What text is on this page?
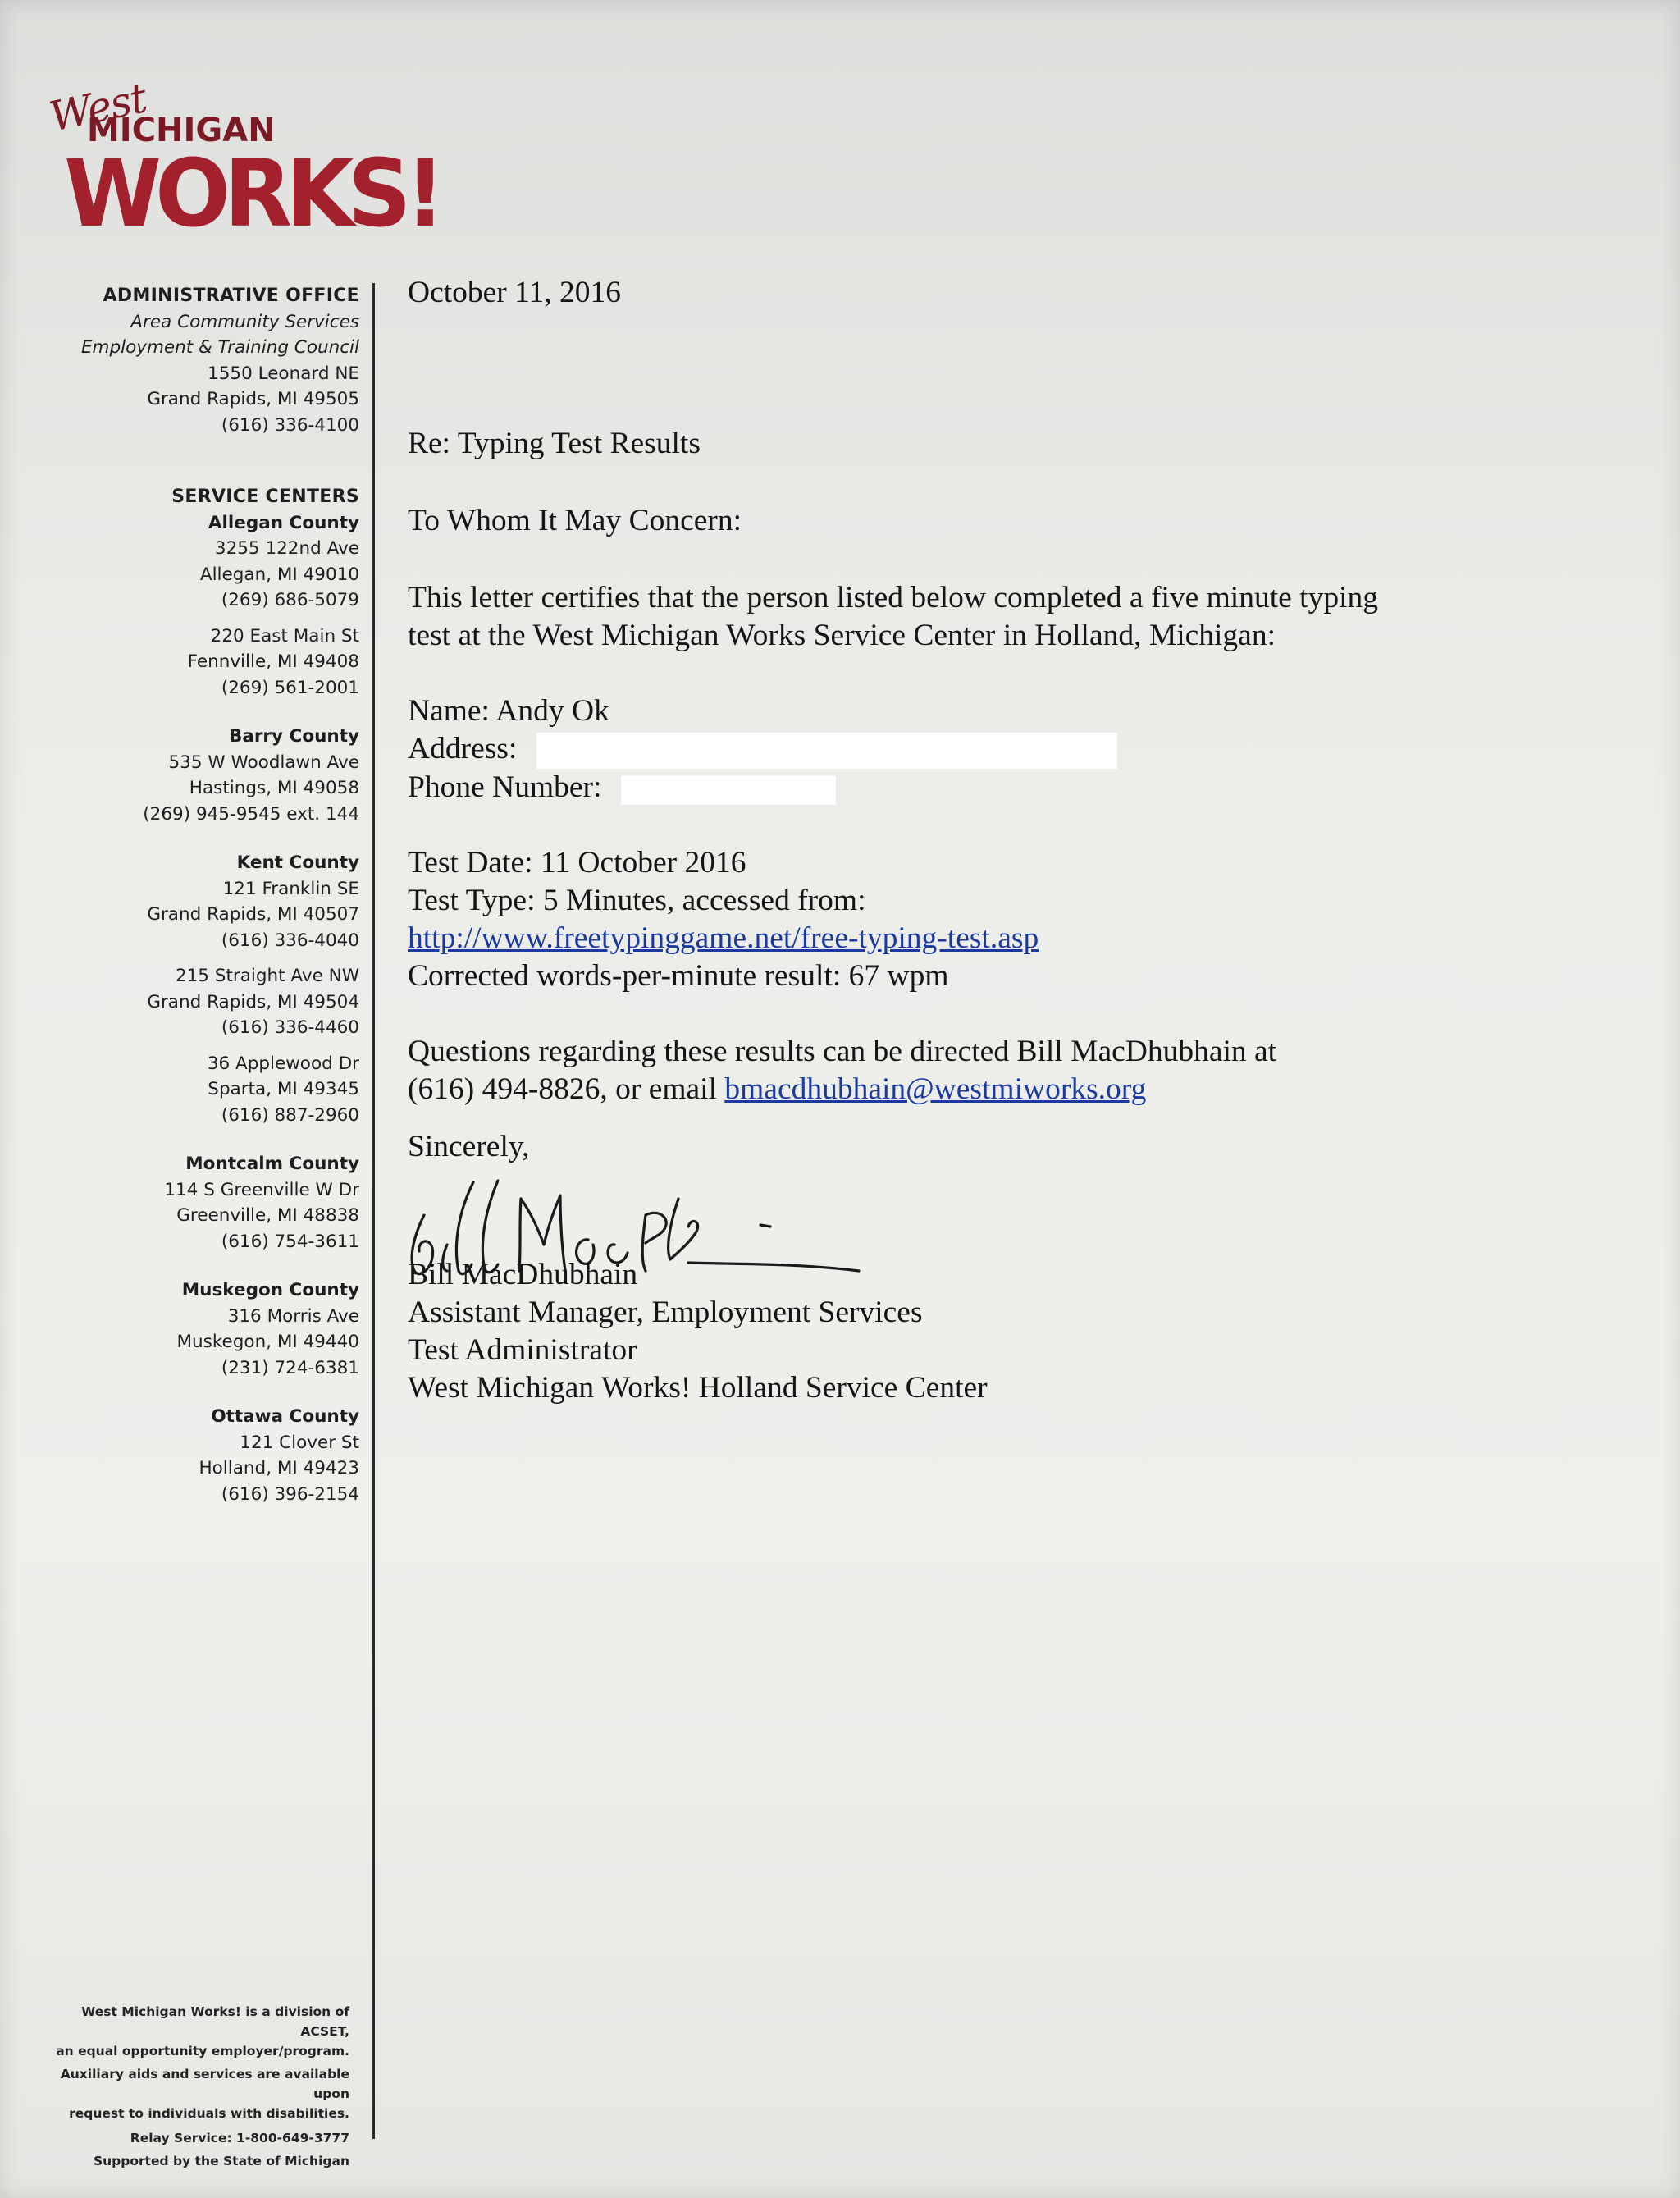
West
MICHIGAN
WORKS!
ADMINISTRATIVE OFFICE
Area Community Services
Employment & Training Council
1550 Leonard NE
Grand Rapids, MI 49505
(616) 336-4100
SERVICE CENTERS
Allegan County
3255 122nd Ave
Allegan, MI 49010
(269) 686-5079
220 East Main St
Fennville, MI 49408
(269) 561-2001
Barry County
535 W Woodlawn Ave
Hastings, MI 49058
(269) 945-9545 ext. 144
Kent County
121 Franklin SE
Grand Rapids, MI 40507
(616) 336-4040
215 Straight Ave NW
Grand Rapids, MI 49504
(616) 336-4460
36 Applewood Dr
Sparta, MI 49345
(616) 887-2960
Montcalm County
114 S Greenville W Dr
Greenville, MI 48838
(616) 754-3611
Muskegon County
316 Morris Ave
Muskegon, MI 49440
(231) 724-6381
Ottawa County
121 Clover St
Holland, MI 49423
(616) 396-2154
West Michigan Works! is a division of ACSET,
an equal opportunity employer/program.
Auxiliary aids and services are available upon
request to individuals with disabilities.
Relay Service: 1-800-649-3777
Supported by the State of Michigan
October 11, 2016
Re: Typing Test Results
To Whom It May Concern:
This letter certifies that the person listed below completed a five minute typing
test at the West Michigan Works Service Center in Holland, Michigan:
Name: Andy Ok
Address:
Phone Number:
Test Date: 11 October 2016
Test Type: 5 Minutes, accessed from:
http://www.freetypinggame.net/free-typing-test.asp
Corrected words-per-minute result: 67 wpm
Questions regarding these results can be directed Bill MacDhubhain at
(616) 494-8826, or email bmacdhubhain@westmiworks.org
Sincerely,
Bill MacDhubhain
Assistant Manager, Employment Services
Test Administrator
West Michigan Works! Holland Service Center
